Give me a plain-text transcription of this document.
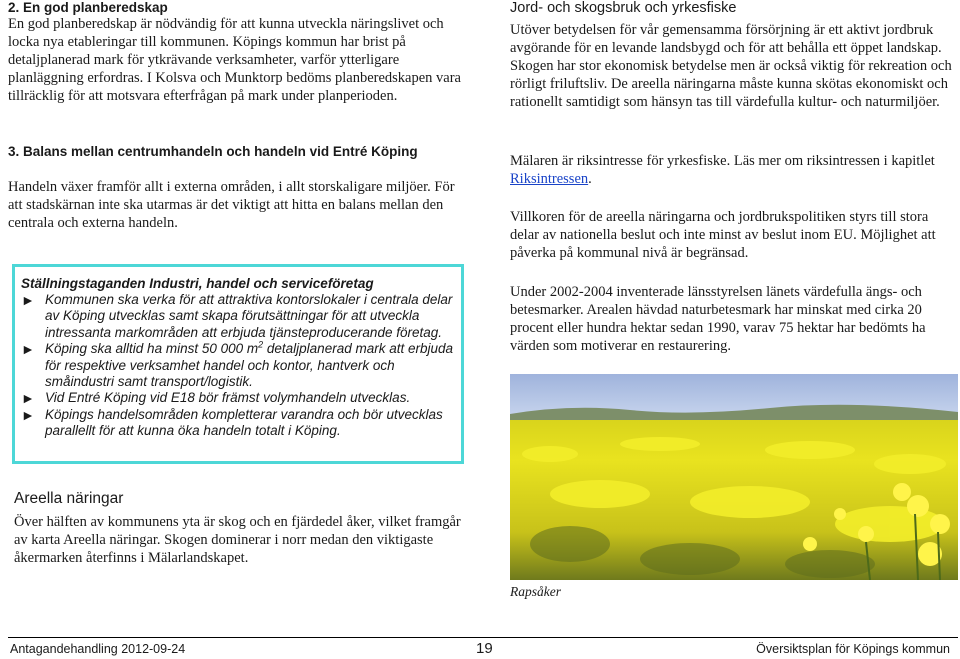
2. En god planberedskap

En god planberedskap är nödvändig för att kunna utveckla näringslivet och locka nya etableringar till kommunen. Köpings kommun har brist på detaljplanerad mark för ytkrävande verksamheter, varför ytterligare planläggning erfordras. I Kolsva och Munktorp bedöms planberedskapen vara tillräcklig för att motsvara efterfrågan på mark under planperioden.

3. Balans mellan centrumhandeln och handeln vid Entré Köping

Handeln växer framför allt i externa områden, i allt storskaligare miljöer. För att stadskärnan inte ska utarmas är det viktigt att hitta en balans mellan den centrala och externa handeln.

Ställningstaganden Industri, handel och serviceföretag

► Kommunen ska verka för att attraktiva kontorslokaler i centrala delar av Köping utvecklas samt skapa förutsättningar för att utveckla intressanta markområden att erbjuda tjänsteproducerande företag.
► Köping ska alltid ha minst 50 000 $m^2$ detaljplanerad mark att erbjuda för respektive verksamhet handel och kontor, hantverk och småindustri samt transport/logistik.
► Vid Entré Köping vid E18 bör främst volymhandeln utvecklas.
► Köpings handelsområden kompletterar varandra och bör utvecklas parallellt för att kunna öka handeln totalt i Köping.
Areella näringar

Över hälften av kommunens yta är skog och en fjärdedel åker, vilket framgår av karta Areella näringar. Skogen dominerar i norr medan den viktigaste åkermarken återfinns i Mälarlandskapet.

Jord- och skogsbruk och yrkesfiske

Utöver betydelsen för vår gemensamma försörjning är ett aktivt jordbruk avgörande för en levande landsbygd och för att behålla ett öppet landskap. Skogen har stor ekonomisk betydelse men är också viktig för rekreation och rörligt friluftsliv. De areella näringarna måste kunna skötas ekonomiskt och rationellt samtidigt som hänsyn tas till värdefulla kultur- och naturmiljöer.

Mälaren är riksintresse för yrkesfiske. Läs mer om riksintressen i kapitlet Riksintressen.

Villkoren för de areella näringarna och jordbrukspolitiken styrs till stora delar av nationella beslut och inte minst av beslut inom EU. Möjlighet att påverka på kommunal nivå är begränsad.

Under 2002-2004 inventerade länsstyrelsen länets värdefulla ängs- och betesmarker. Arealen hävdad naturbetesmark har minskat med cirka 20 procent eller hundra hektar sedan 1990, varav 75 hektar har bedömts ha värden som motiverar en restaurering.

Rapsåker

Antagandehandling 2012-09-24	19	Översiktsplan för Köpings kommun
